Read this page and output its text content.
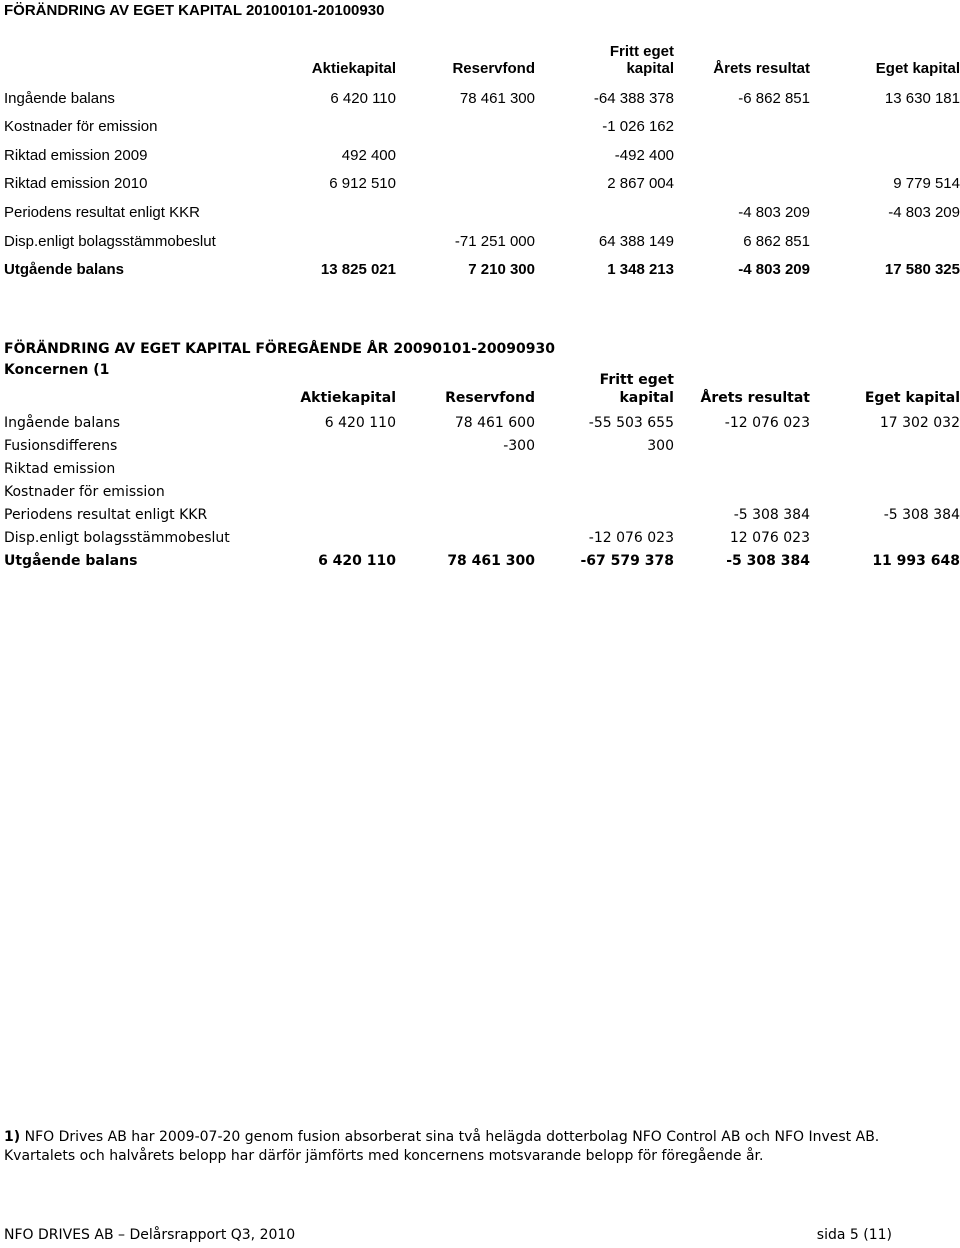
FÖRÄNDRING AV EGET KAPITAL 20100101-20100930
	Aktiekapital	Reservfond	Fritt eget
kapital	Årets resultat	Eget kapital
Ingående balans	6 420 110	78 461 300	-64 388 378	-6 862 851	13 630 181
Kostnader för emission			-1 026 162		
Riktad emission 2009	492 400		-492 400		
Riktad emission 2010	6 912 510		2 867 004		9 779 514
Periodens resultat enligt KKR				-4 803 209	-4 803 209
Disp.enligt bolagsstämmobeslut		-71 251 000	64 388 149	6 862 851	
Utgående balans	13 825 021	7 210 300	1 348 213	-4 803 209	17 580 325
FÖRÄNDRING AV EGET KAPITAL FÖREGÅENDE ÅR 20090101-20090930
Koncernen (1
	Aktiekapital	Reservfond	Fritt eget
kapital	Årets resultat	Eget kapital
Ingående balans	6 420 110	78 461 600	-55 503 655	-12 076 023	17 302 032
Fusionsdifferens		-300	300		
Riktad emission					
Kostnader för emission					
Periodens resultat enligt KKR				-5 308 384	-5 308 384
Disp.enligt bolagsstämmobeslut			-12 076 023	12 076 023	
Utgående balans	6 420 110	78 461 300	-67 579 378	-5 308 384	11 993 648
1) NFO Drives AB har 2009-07-20 genom fusion absorberat sina två helägda dotterbolag NFO Control AB och NFO Invest AB.
Kvartalets och halvårets belopp har därför jämförts med koncernens motsvarande belopp för föregående år.
NFO DRIVES AB – Delårsrapport Q3, 2010	sida 5 (11)
